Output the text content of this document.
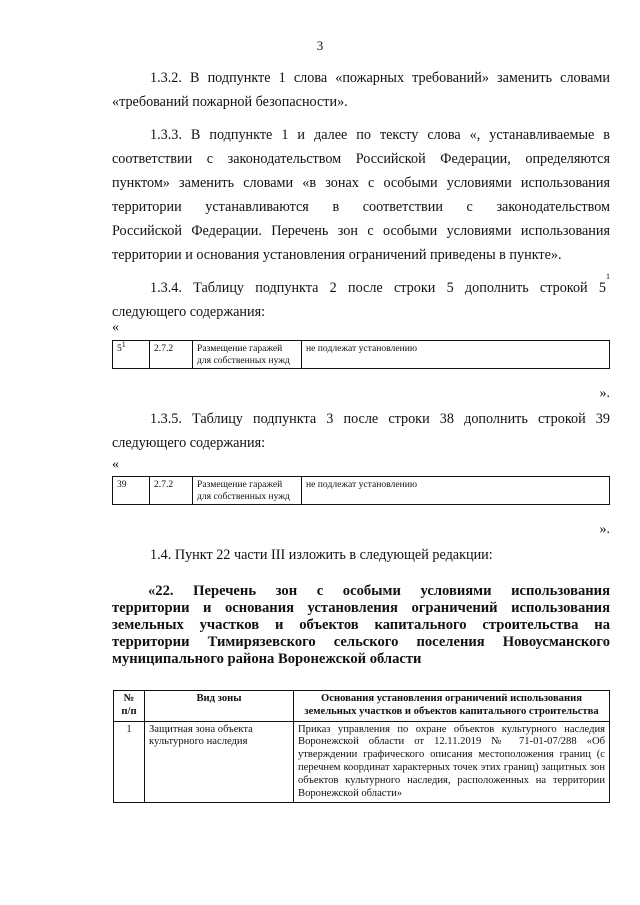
3
1.3.2. В подпункте 1 слова «пожарных требований» заменить словами
«требований пожарной безопасности».
1.3.3. В подпункте 1 и далее по тексту слова «, устанавливаемые в
соответствии с законодательством Российской Федерации, определяются
пунктом» заменить словами «в зонах с особыми условиями использования
территории устанавливаются в соответствии с законодательством
Российской Федерации. Перечень зон с особыми условиями использования
территории и основания установления ограничений приведены в пункте».
1.3.4. Таблицу подпункта 2 после строки 5 дополнить строкой 5
1
следующего содержания:
«
$5^1$	2.7.2	Размещение гаражей для собственных нужд	не подлежат установлению
».
1.3.5. Таблицу подпункта 3 после строки 38 дополнить строкой 39
следующего содержания:
«
39	2.7.2	Размещение гаражей для собственных нужд	не подлежат установлению
».
1.4. Пункт 22 части III изложить в следующей редакции:
«22. Перечень зон с особыми условиями использования
территории и основания установления ограничений использования
земельных участков и объектов капитального строительства на
территории Тимирязевского сельского поселения Новоусманского
муниципального района Воронежской области
№ п/п	Вид зоны	Основания установления ограничений использования земельных участков и объектов капитального строительства
1	Защитная зона объекта культурного наследия	Приказ управления по охране объектов культурного наследия Воронежской области от 12.11.2019 № 71-01-07/288 «Об утверждении графического описания местоположения границ (с перечнем координат характерных точек этих границ) защитных зон объектов культурного наследия, расположенных на территории Воронежской области»
